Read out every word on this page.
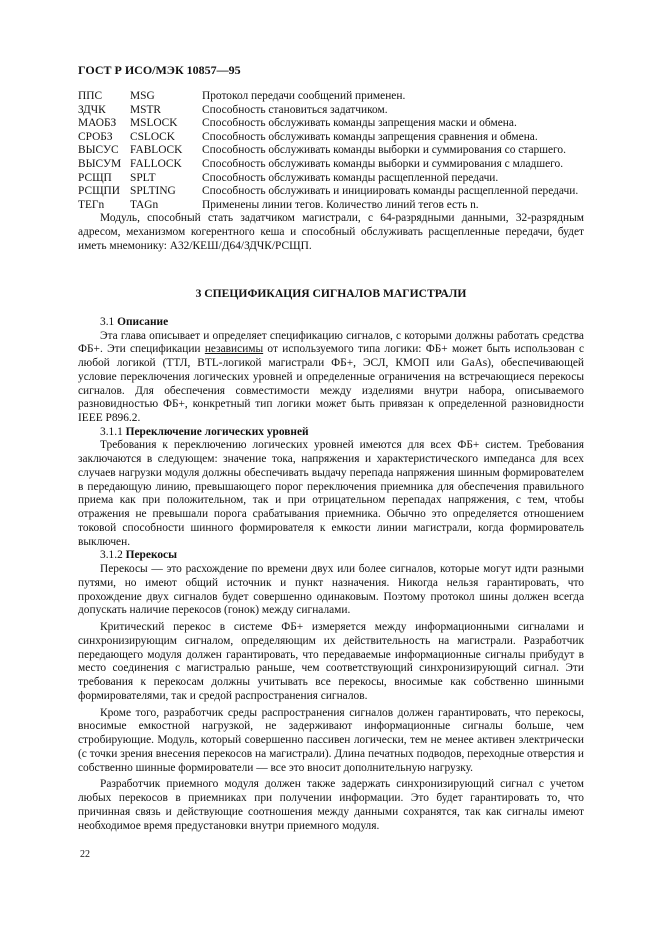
ГОСТ Р ИСО/МЭК 10857—95
ППС	MSG	Протокол передачи сообщений применен.
ЗДЧК	MSTR	Способность становиться задатчиком.
МАОБЗ	MSLOCK	Способность обслуживать команды запрещения маски и обмена.
СРОБЗ	CSLOCK	Способность обслуживать команды запрещения сравнения и обмена.
ВЫСУС FABLOCK	Способность обслуживать команды выборки и суммирования со старшего.
ВЫСУМ FALLOCK	Способность обслуживать команды выборки и суммирования с младшего.
РСЩП	SPLT	Способность обслуживать команды расщепленной передачи.
РСЩПИ SPLTING	Способность обслуживать и инициировать команды расщепленной передачи.
ТЕГn	TAGn	Применены линии тегов. Количество линий тегов есть n.

Модуль, способный стать задатчиком магистрали, с 64-разрядными данными, 32-разрядным адресом, механизмом когерентного кеша и способный обслуживать расщепленные передачи, будет иметь мнемонику: А32/КЕШ/Д64/ЗДЧК/РСЩП.

3 СПЕЦИФИКАЦИЯ СИГНАЛОВ МАГИСТРАЛИ
3.1 Описание

Эта глава описывает и определяет спецификацию сигналов, с которыми должны работать средства ФБ+. Эти спецификации независимы от используемого типа логики: ФБ+ может быть использован с любой логикой (ТТЛ, BTL-логикой магистрали ФБ+, ЭСЛ, КМОП или GaAs), обеспечивающей условие переключения логических уровней и определенные ограничения на встречающиеся перекосы сигналов. Для обеспечения совместимости между изделиями внутри набора, описываемого разновидностью ФБ+, конкретный тип логики может быть привязан к определенной разновидности IEEE P896.2.

3.1.1 Переключение логических уровней

Требования к переключению логических уровней имеются для всех ФБ+ систем. Требования заключаются в следующем: значение тока, напряжения и характеристического импеданса для всех случаев нагрузки модуля должны обеспечивать выдачу перепада напряжения шинным формирователем в передающую линию, превышающего порог переключения приемника для обеспечения правильного приема как при положительном, так и при отрицательном перепадах напряжения, с тем, чтобы отражения не превышали порога срабатывания приемника. Обычно это определяется отношением токовой способности шинного формирователя к емкости линии магистрали, когда формирователь выключен.

3.1.2 Перекосы

Перекосы — это расхождение по времени двух или более сигналов, которые могут идти разными путями, но имеют общий источник и пункт назначения. Никогда нельзя гарантировать, что прохождение двух сигналов будет совершенно одинаковым. Поэтому протокол шины должен всегда допускать наличие перекосов (гонок) между сигналами.

Критический перекос в системе ФБ+ измеряется между информационными сигналами и синхронизирующим сигналом, определяющим их действительность на магистрали. Разработчик передающего модуля должен гарантировать, что передаваемые информационные сигналы прибудут в место соединения с магистралью раньше, чем соответствующий синхронизирующий сигнал. Эти требования к перекосам должны учитывать все перекосы, вносимые как собственно шинными формирователями, так и средой распространения сигналов.

Кроме того, разработчик среды распространения сигналов должен гарантировать, что перекосы, вносимые емкостной нагрузкой, не задерживают информационные сигналы больше, чем стробирующие. Модуль, который совершенно пассивен логически, тем не менее активен электрически (с точки зрения внесения перекосов на магистрали). Длина печатных подводов, переходные отверстия и собственно шинные формирователи — все это вносит дополнительную нагрузку.

Разработчик приемного модуля должен также задержать синхронизирующий сигнал с учетом любых перекосов в приемниках при получении информации. Это будет гарантировать то, что причинная связь и действующие соотношения между данными сохранятся, так как сигналы имеют необходимое время предустановки внутри приемного модуля.

22
